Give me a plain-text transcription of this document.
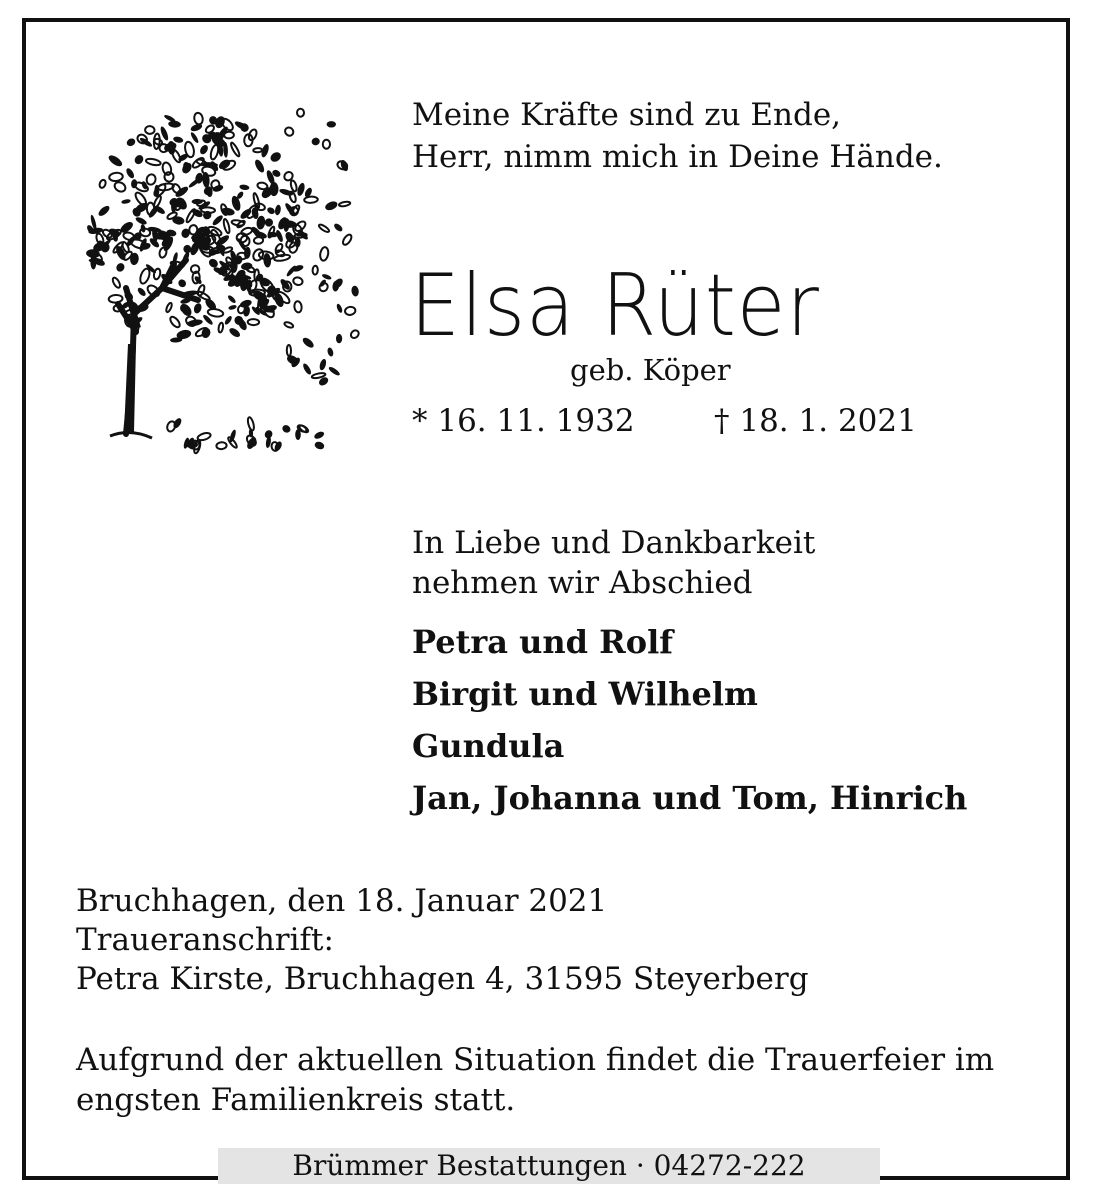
Meine Kräfte sind zu Ende,
Herr, nimm mich in Deine Hände.
Elsa Rüter
geb. Köper
* 16. 11. 1932	† 18. 1. 2021
In Liebe und Dankbarkeit
nehmen wir Abschied
Petra und Rolf
Birgit und Wilhelm
Gundula
Jan, Johanna und Tom, Hinrich
Bruchhagen, den 18. Januar 2021
Traueranschrift:
Petra Kirste, Bruchhagen 4, 31595 Steyerberg
Aufgrund der aktuellen Situation findet die Trauerfeier im
engsten Familienkreis statt.
Brümmer Bestattungen · 04272-222
